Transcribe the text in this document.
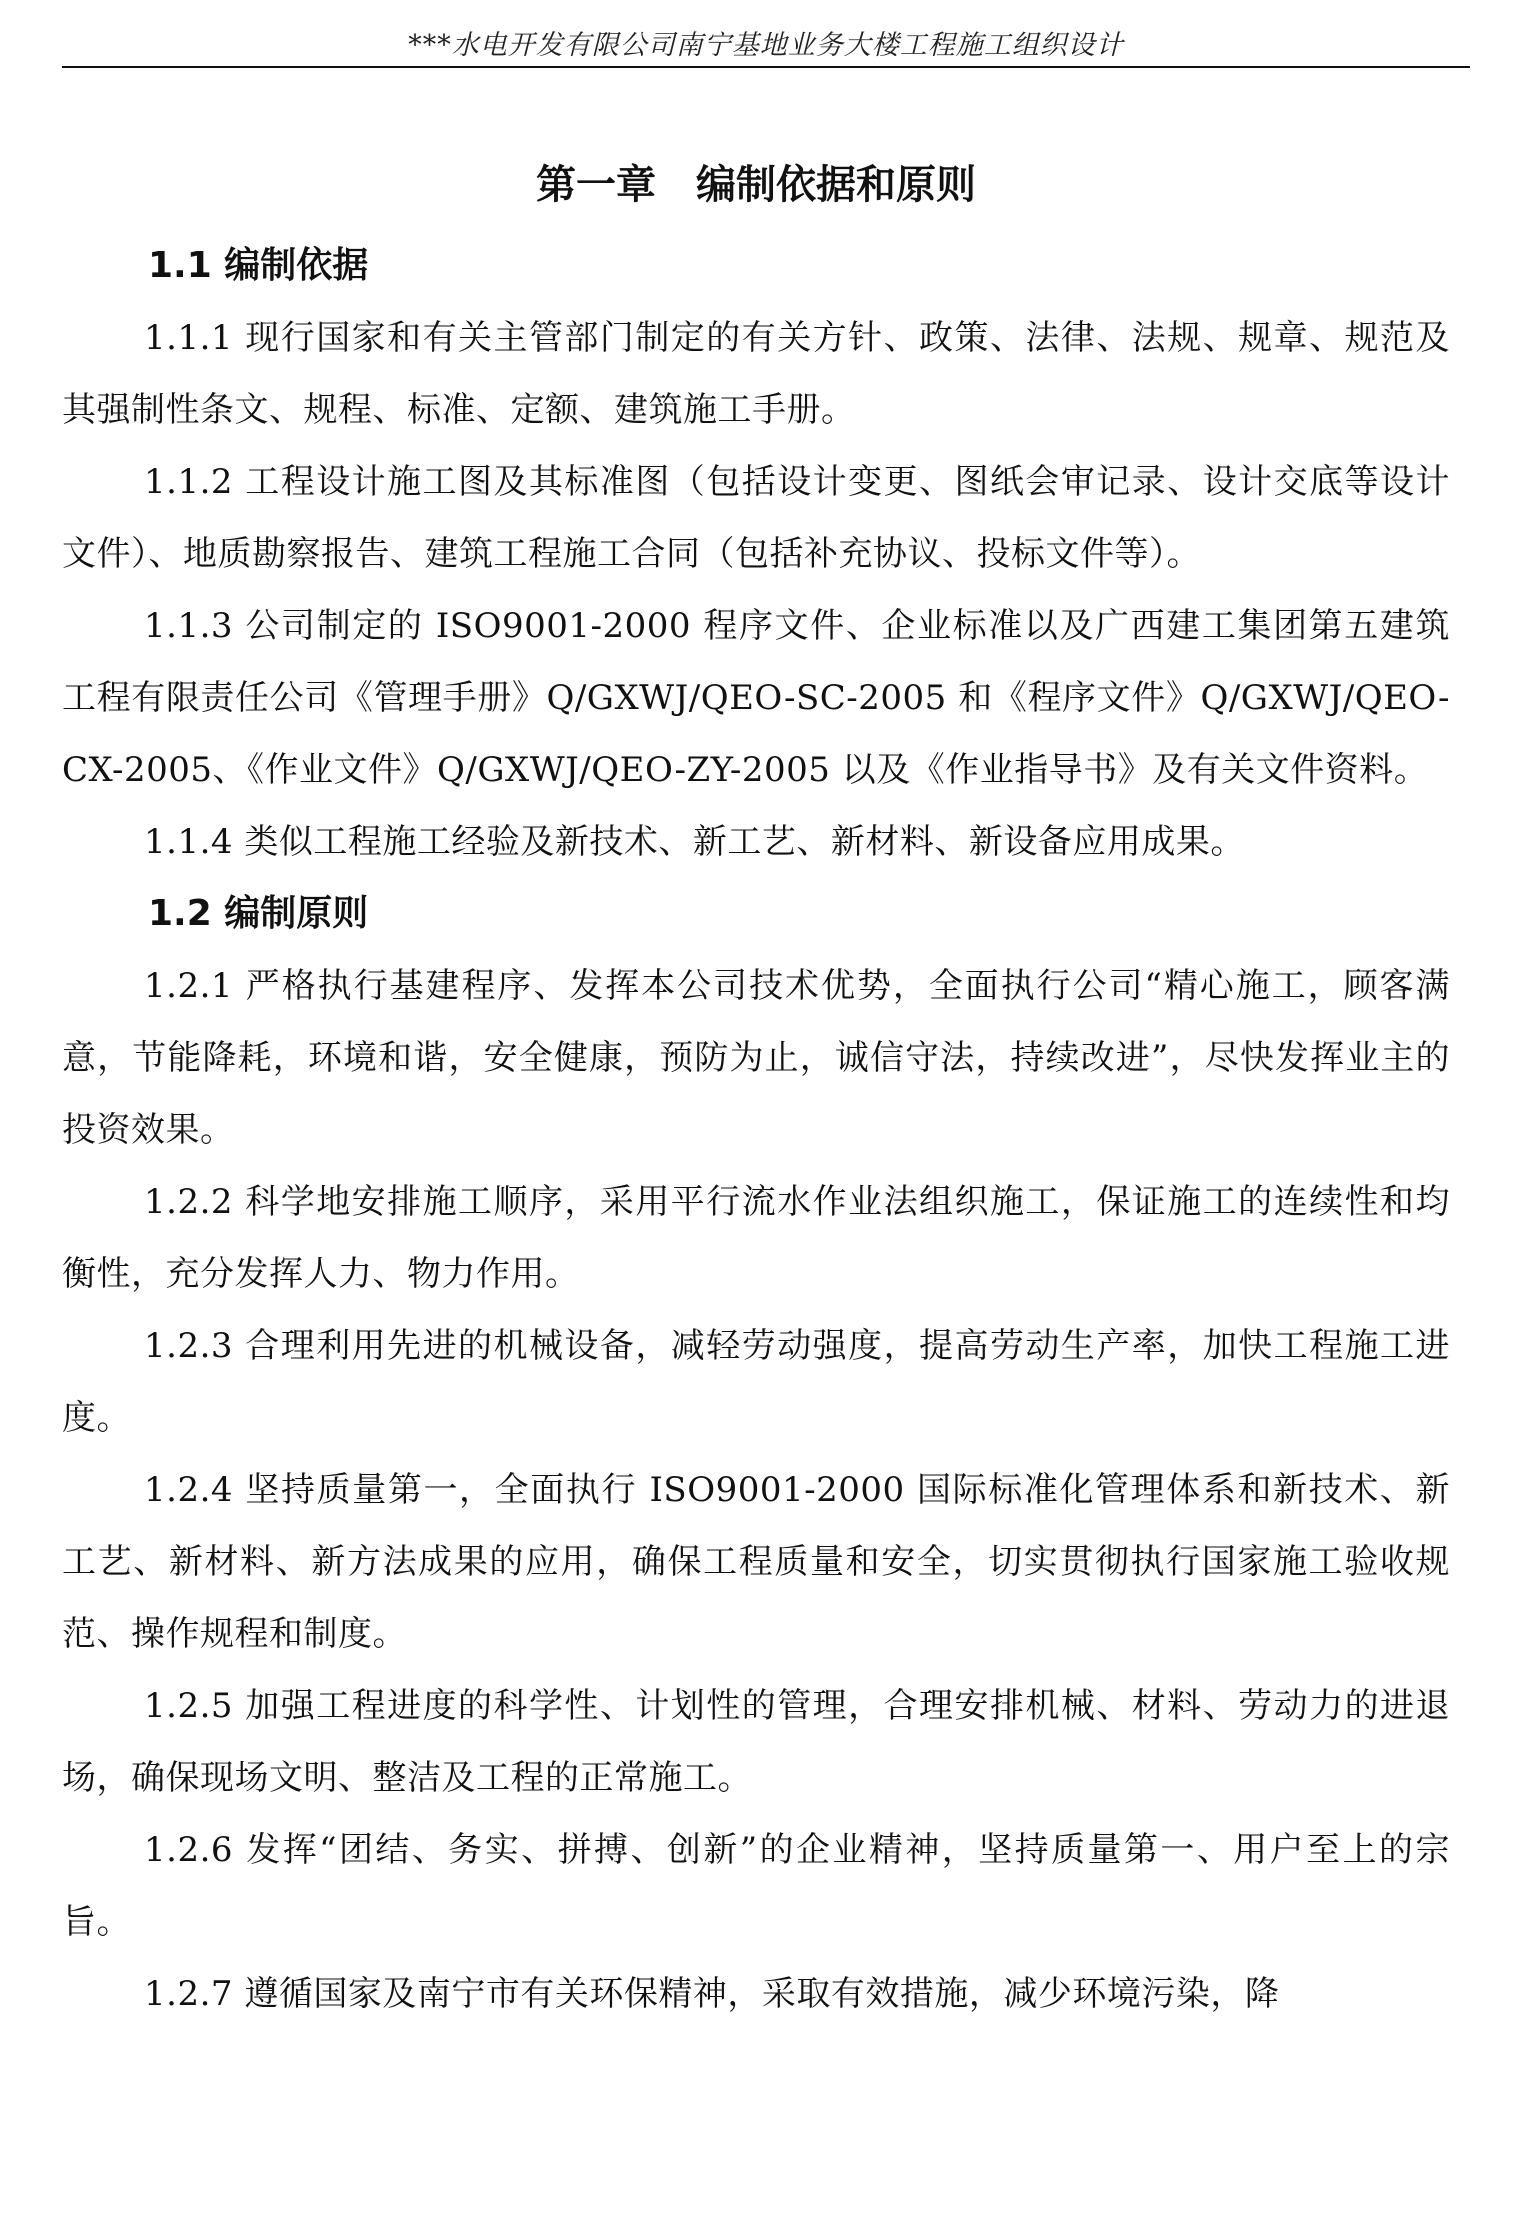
***水电开发有限公司南宁基地业务大楼工程施工组织设计
第一章　编制依据和原则
1.1 编制依据

1.1.1 现行国家和有关主管部门制定的有关方针、政策、法律、法规、规章、规范及其强制性条文、规程、标准、定额、建筑施工手册。

1.1.2 工程设计施工图及其标准图（包括设计变更、图纸会审记录、设计交底等设计文件）、地质勘察报告、建筑工程施工合同（包括补充协议、投标文件等）。

1.1.3 公司制定的 ISO9001-2000 程序文件、企业标准以及广西建工集团第五建筑工程有限责任公司《管理手册》Q/GXWJ/QEO-SC-2005 和《程序文件》Q/GXWJ/QEO-CX-2005、《作业文件》Q/GXWJ/QEO-ZY-2005 以及《作业指导书》及有关文件资料。

1.1.4 类似工程施工经验及新技术、新工艺、新材料、新设备应用成果。

1.2 编制原则

1.2.1 严格执行基建程序、发挥本公司技术优势，全面执行公司“精心施工，顾客满意，节能降耗，环境和谐，安全健康，预防为止，诚信守法，持续改进”，尽快发挥业主的投资效果。

1.2.2 科学地安排施工顺序，采用平行流水作业法组织施工，保证施工的连续性和均衡性，充分发挥人力、物力作用。

1.2.3 合理利用先进的机械设备，减轻劳动强度，提高劳动生产率，加快工程施工进度。

1.2.4 坚持质量第一，全面执行 ISO9001-2000 国际标准化管理体系和新技术、新工艺、新材料、新方法成果的应用，确保工程质量和安全，切实贯彻执行国家施工验收规范、操作规程和制度。

1.2.5 加强工程进度的科学性、计划性的管理，合理安排机械、材料、劳动力的进退场，确保现场文明、整洁及工程的正常施工。

1.2.6 发挥“团结、务实、拼搏、创新”的企业精神，坚持质量第一、用户至上的宗旨。

1.2.7 遵循国家及南宁市有关环保精神，采取有效措施，减少环境污染，降
